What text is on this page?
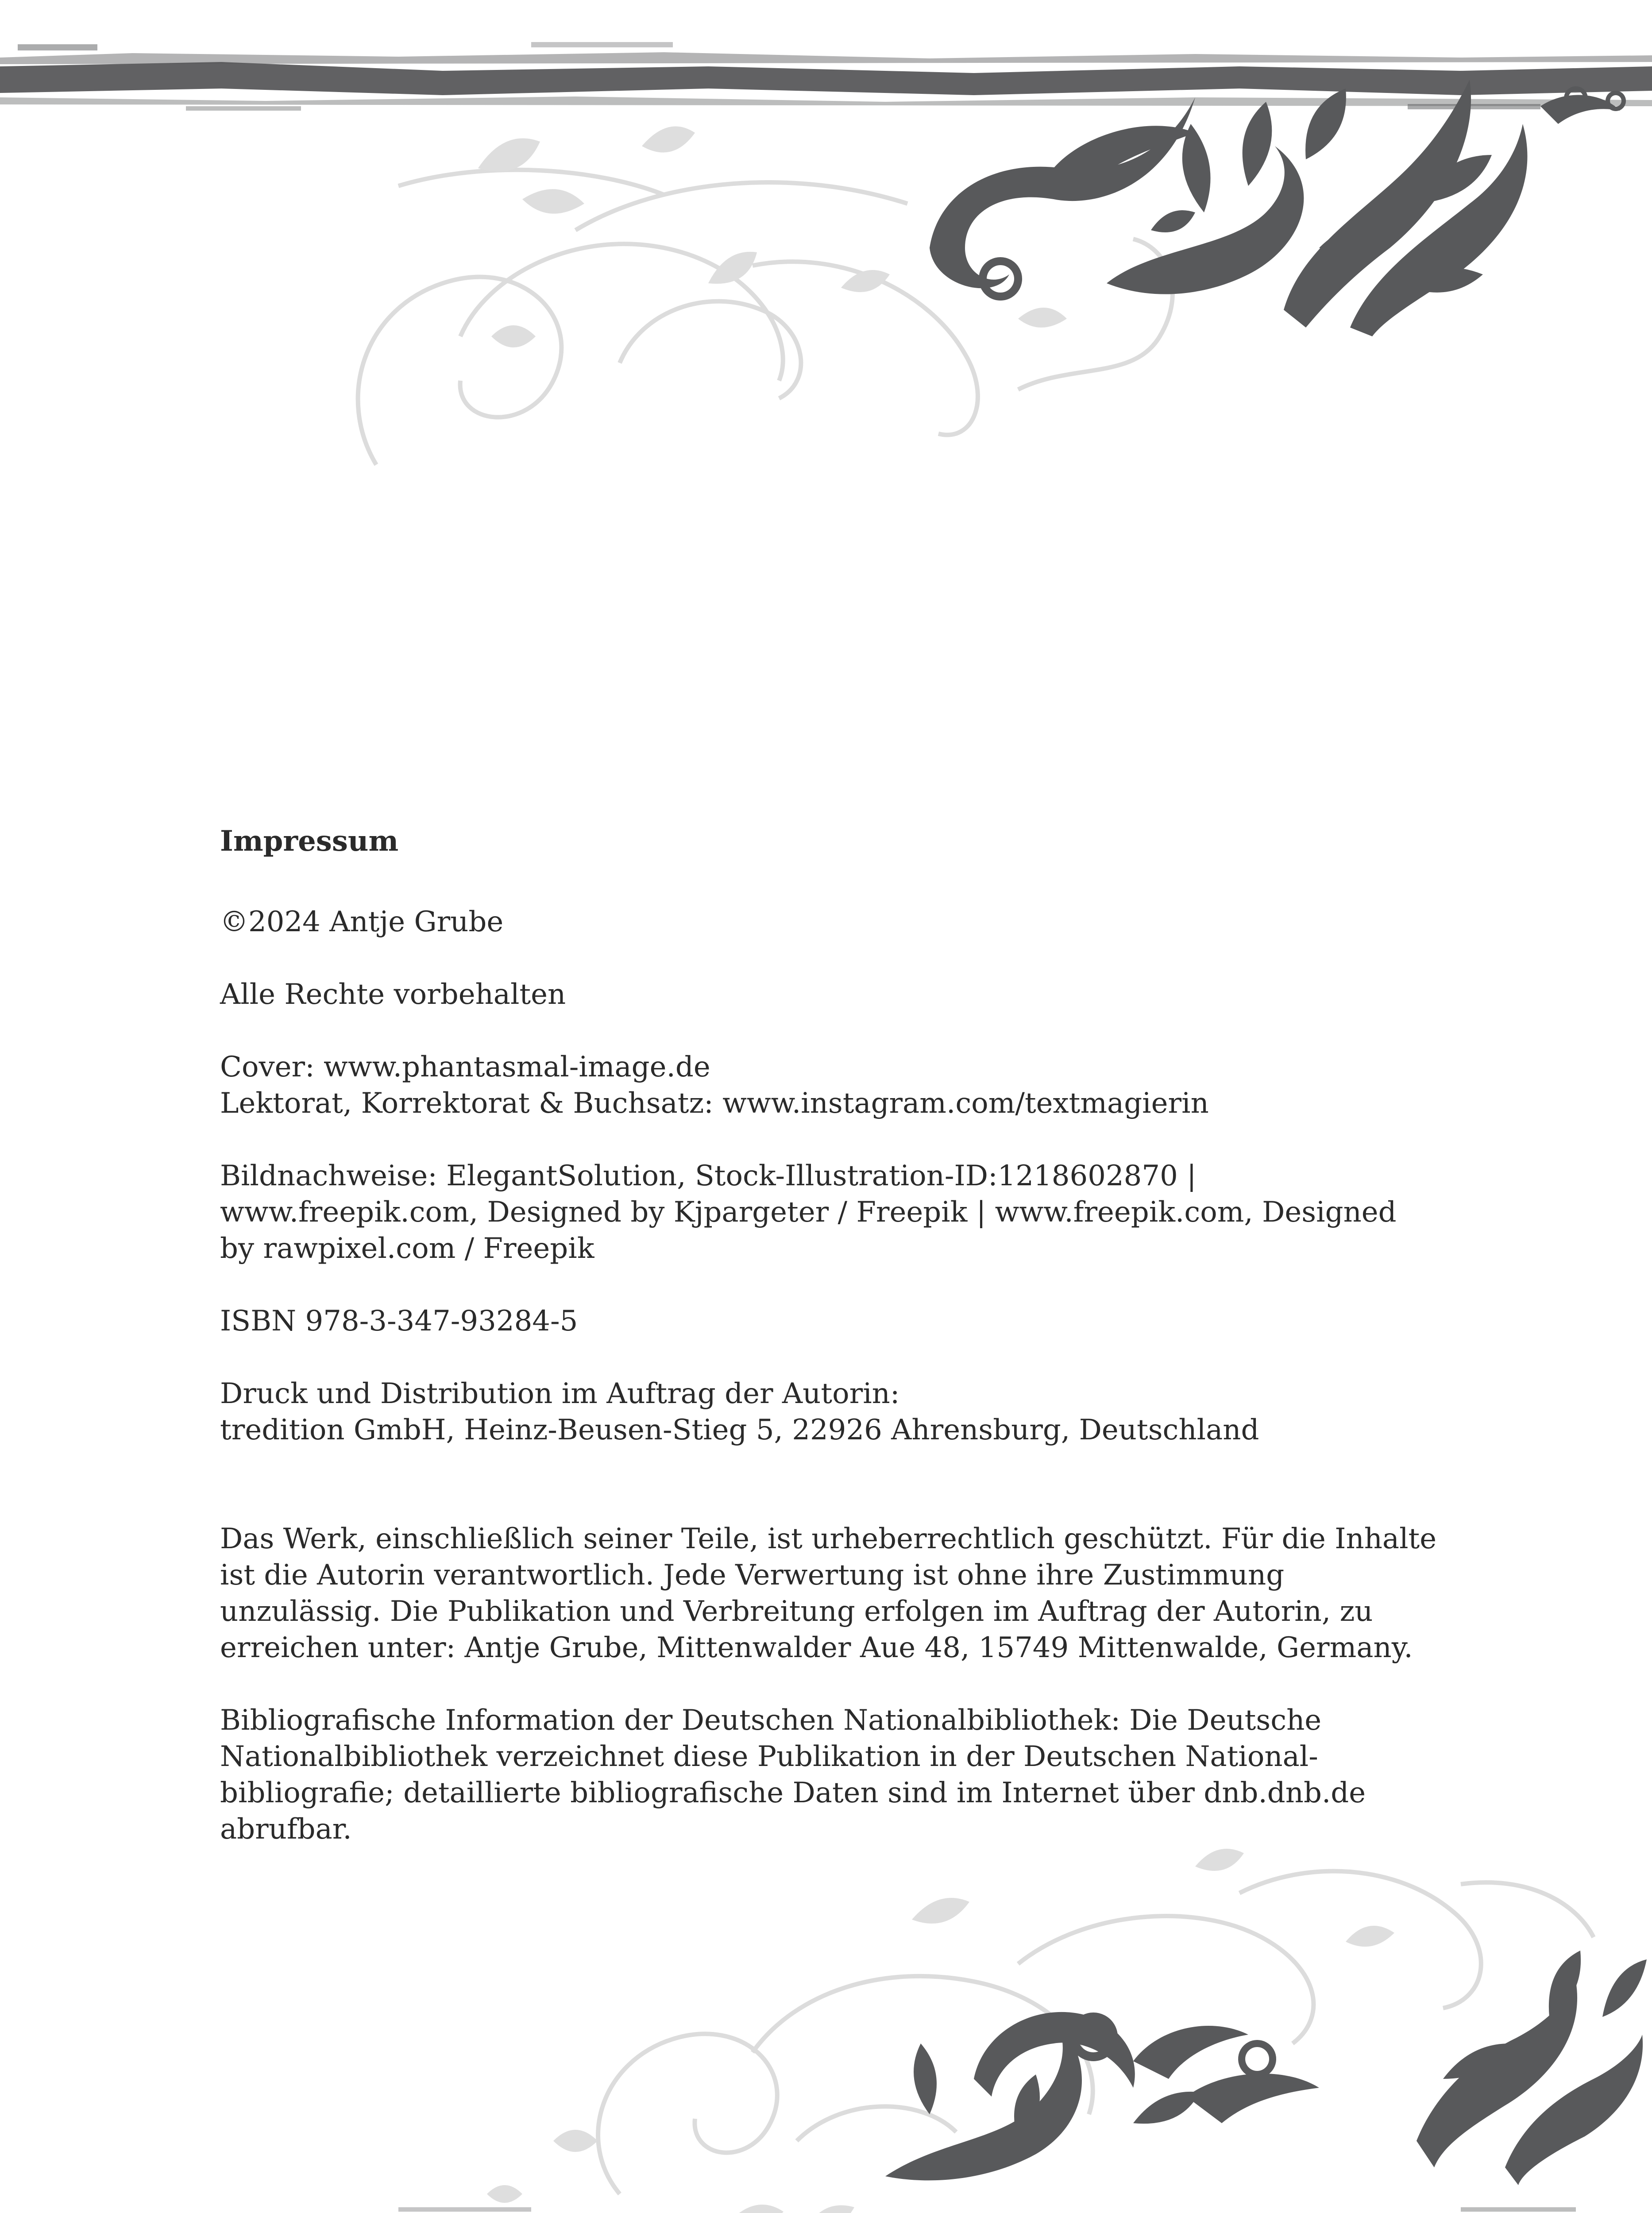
Impressum

©2024 Antje Grube

Alle Rechte vorbehalten

Cover: www.phantasmal-image.de
Lektorat, Korrektorat & Buchsatz: www.instagram.com/textmagierin

Bildnachweise: ElegantSolution, Stock-Illustration-ID:1218602870 |
www.freepik.com, Designed by Kjpargeter / Freepik | www.freepik.com, Designed
by rawpixel.com / Freepik

ISBN 978-3-347-93284-5

Druck und Distribution im Auftrag der Autorin:
tredition GmbH, Heinz-Beusen-Stieg 5, 22926 Ahrensburg, Deutschland

Das Werk, einschließlich seiner Teile, ist urheberrechtlich geschützt. Für die Inhalte
ist die Autorin verantwortlich. Jede Verwertung ist ohne ihre Zustimmung
unzulässig. Die Publikation und Verbreitung erfolgen im Auftrag der Autorin, zu
erreichen unter: Antje Grube, Mittenwalder Aue 48, 15749 Mittenwalde, Germany.

Bibliografische Information der Deutschen Nationalbibliothek: Die Deutsche
Nationalbibliothek verzeichnet diese Publikation in der Deutschen National-
bibliografie; detaillierte bibliografische Daten sind im Internet über dnb.dnb.de
abrufbar.
